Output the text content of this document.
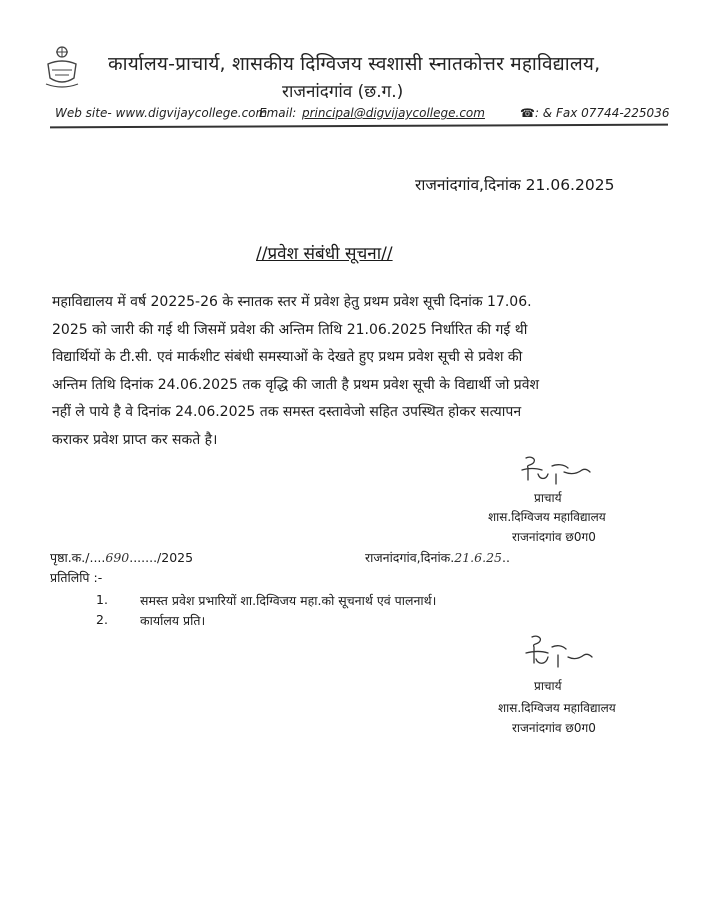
कार्यालय-प्राचार्य, शासकीय दिग्विजय स्वशासी स्नातकोत्तर महाविद्यालय,
राजनांदगांव (छ.ग.)
Web site- www.digvijaycollege.com
Email: principal@digvijaycollege.com	☎: & Fax 07744-225036
राजनांदगांव,दिनांक 21.06.2025
//प्रवेश संबंधी सूचना//
महाविद्यालय में वर्ष 20225-26 के स्नातक स्तर में प्रवेश हेतु प्रथम प्रवेश सूची दिनांक 17.06.
2025 को जारी की गई थी जिसमें प्रवेश की अन्तिम तिथि 21.06.2025 निर्धारित की गई थी
विद्यार्थियों के टी.सी. एवं मार्कशीट संबंधी समस्याओं के देखते हुए प्रथम प्रवेश सूची से प्रवेश की
अन्तिम तिथि दिनांक 24.06.2025 तक वृद्धि की जाती है प्रथम प्रवेश सूची के विद्यार्थी जो प्रवेश
नहीं ले पाये है वे दिनांक 24.06.2025 तक समस्त दस्तावेजो सहित उपस्थित होकर सत्यापन
कराकर प्रवेश प्राप्त कर सकते है।
प्राचार्य
शास.दिग्विजय महाविद्यालय
राजनांदगांव छ0ग0
पृष्ठा.क./....690......./2025	राजनांदगांव,दिनांक.21.6.25..
प्रतिलिपि :-
1.	समस्त प्रवेश प्रभारियों शा.दिग्विजय महा.को सूचनार्थ एवं पालनार्थ।
2.	कार्यालय प्रति।
प्राचार्य
शास.दिग्विजय महाविद्यालय
राजनांदगांव छ0ग0
